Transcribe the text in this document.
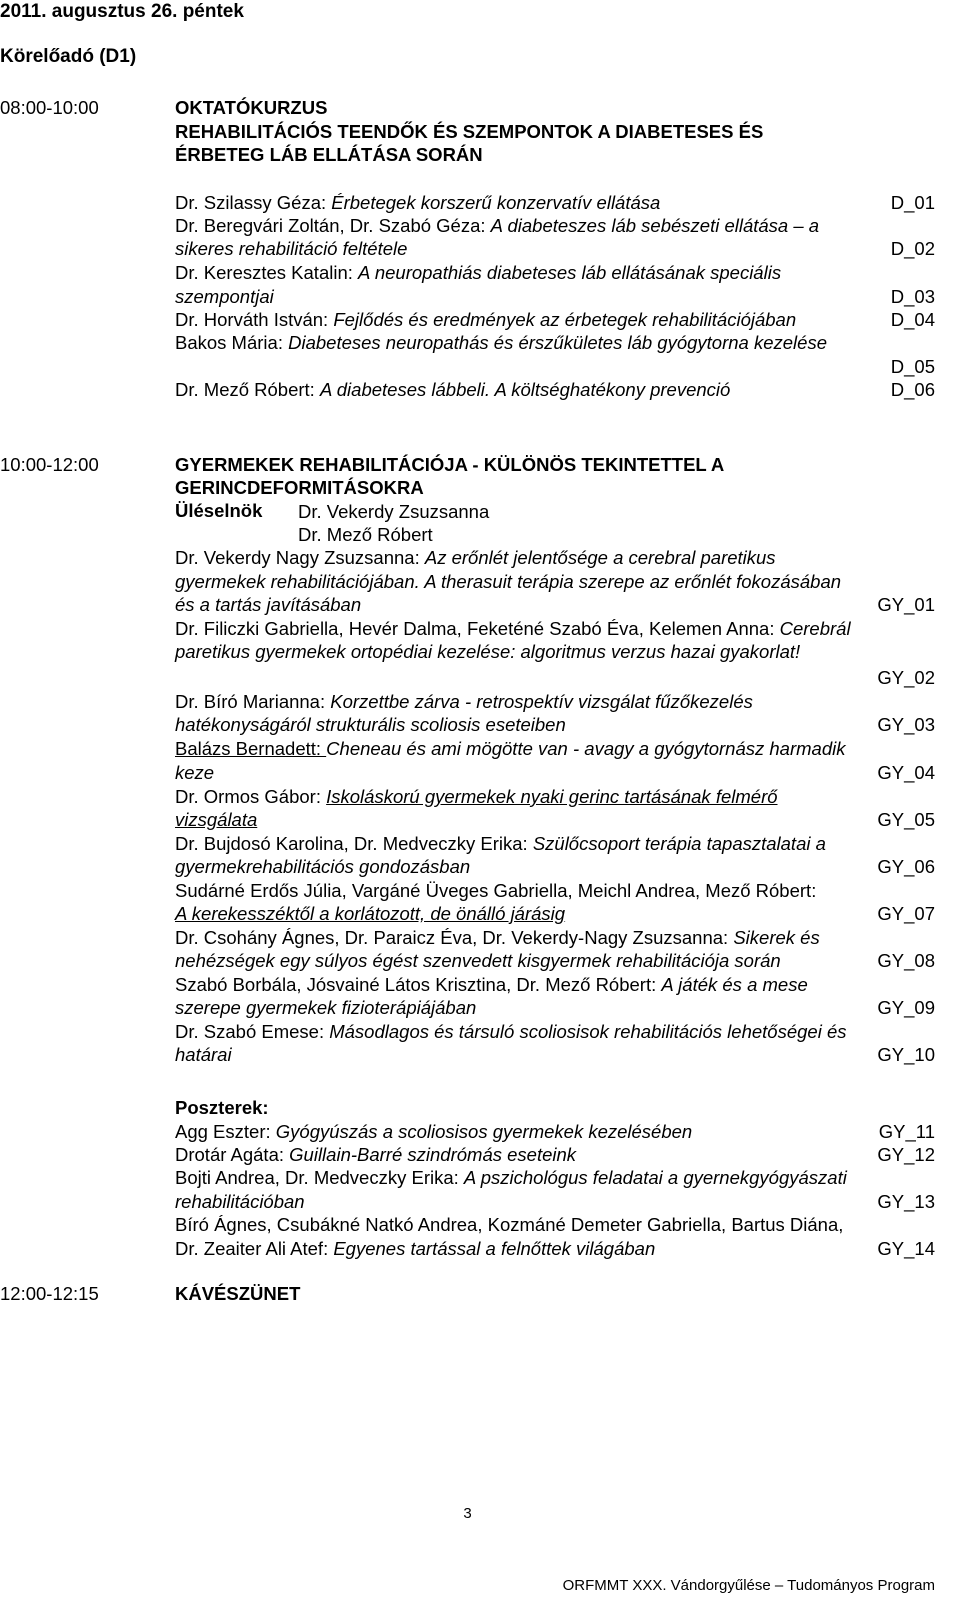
2011. augusztus 26. péntek
Körelőadó (D1)
08:00-10:00	OKTATÓKURZUS
REHABILITÁCIÓS TEENDŐK ÉS SZEMPONTOK A DIABETESES ÉS
ÉRBETEG LÁB ELLÁTÁSA SORÁN
Dr. Szilassy Géza: Érbetegek korszerű konzervatív ellátása	D_01
Dr. Beregvári Zoltán, Dr. Szabó Géza: A diabeteszes láb sebészeti ellátása – a
sikeres rehabilitáció feltétele	D_02
Dr. Keresztes Katalin: A neuropathiás diabeteses láb ellátásának speciális
szempontjai	D_03
Dr. Horváth István: Fejlődés és eredmények az érbetegek rehabilitációjában	D_04
Bakos Mária: Diabeteses neuropathás és érszűkületes láb gyógytorna kezelése
D_05
Dr. Mező Róbert: A diabeteses lábbeli. A költséghatékony prevenció	D_06
10:00-12:00	GYERMEKEK REHABILITÁCIÓJA - KÜLÖNÖS TEKINTETTEL A
GERINCDEFORMITÁSOKRA
Üléselnök Dr. Vekerdy Zsuzsanna
Dr. Mező Róbert
Dr. Vekerdy Nagy Zsuzsanna: Az erőnlét jelentősége a cerebral paretikus
gyermekek rehabilitációjában. A therasuit terápia szerepe az erőnlét fokozásában
és a tartás javításában	GY_01
Dr. Filiczki Gabriella, Hevér Dalma, Feketéné Szabó Éva, Kelemen Anna: Cerebrál
paretikus gyermekek ortopédiai kezelése: algoritmus verzus hazai gyakorlat!
GY_02
Dr. Bíró Marianna: Korzettbe zárva - retrospektív vizsgálat fűzőkezelés
hatékonyságáról strukturális scoliosis eseteiben	GY_03
Balázs Bernadett: Cheneau és ami mögötte van - avagy a gyógytornász harmadik
keze	GY_04
Dr. Ormos Gábor: Iskoláskorú gyermekek nyaki gerinc tartásának felmérő
vizsgálata	GY_05
Dr. Bujdosó Karolina, Dr. Medveczky Erika: Szülőcsoport terápia tapasztalatai a
gyermekrehabilitációs gondozásban	GY_06
Sudárné Erdős Júlia, Vargáné Üveges Gabriella, Meichl Andrea, Mező Róbert:
A kerekesszéktől a korlátozott, de önálló járásig	GY_07
Dr. Csohány Ágnes, Dr. Paraicz Éva, Dr. Vekerdy-Nagy Zsuzsanna: Sikerek és
nehézségek egy súlyos égést szenvedett kisgyermek rehabilitációja során	GY_08
Szabó Borbála, Jósvainé Látos Krisztina, Dr. Mező Róbert: A játék és a mese
szerepe gyermekek fizioterápiájában	GY_09
Dr. Szabó Emese: Másodlagos és társuló scoliosisok rehabilitációs lehetőségei és
határai	GY_10
Poszterek:
Agg Eszter: Gyógyúszás a scoliosisos gyermekek kezelésében	GY_11
Drotár Agáta: Guillain-Barré szindrómás eseteink	GY_12
Bojti Andrea, Dr. Medveczky Erika: A pszichológus feladatai a gyernekgyógyászati
rehabilitációban	GY_13
Bíró Ágnes, Csubákné Natkó Andrea, Kozmáné Demeter Gabriella, Bartus Diána,
Dr. Zeaiter Ali Atef: Egyenes tartással a felnőttek világában	GY_14
12:00-12:15	KÁVÉSZÜNET
3
ORFMMT XXX. Vándorgyűlése – Tudományos Program
